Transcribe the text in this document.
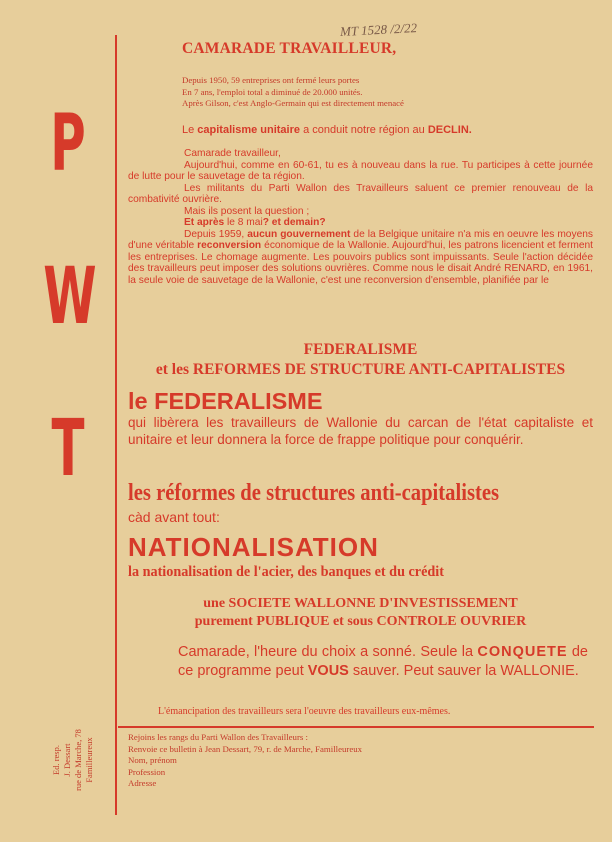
MT 1528 /2/22
P
W
T
Ed. resp. J. Dessart rue de Marche, 78 Familleureux
CAMARADE TRAVAILLEUR,
Depuis 1950, 59 entreprises ont fermé leurs portes
En 7 ans, l'emploi total a diminué de 20.000 unités.
Après Gilson, c'est Anglo-Germain qui est directement menacé
Le capitalisme unitaire a conduit notre région au DECLIN.

Camarade travailleur,

Aujourd'hui, comme en 60-61, tu es à nouveau dans la rue. Tu participes à cette journée de lutte pour le sauvetage de ta région.

Les militants du Parti Wallon des Travailleurs saluent ce premier renouveau de la combativité ouvrière.

Mais ils posent la question ;

Et après le 8 mai? et demain?

Depuis 1959, aucun gouvernement de la Belgique unitaire n'a mis en oeuvre les moyens d'une véritable reconversion économique de la Wallonie. Aujourd'hui, les patrons licencient et ferment les entreprises. Le chomage augmente. Les pouvoirs publics sont impuissants. Seule l'action décidée des travailleurs peut imposer des solutions ouvrières. Comme nous le disait André RENARD, en 1961, la seule voie de sauvetage de la Wallonie, c'est une reconversion d'ensemble, planifiée par le

FEDERALISME
et les REFORMES DE STRUCTURE ANTI-CAPITALISTES
le FEDERALISME
qui libèrera les travailleurs de Wallonie du carcan de l'état capitaliste et unitaire et leur donnera la force de frappe politique pour conquérir.
les réformes de structures anti-capitalistes
càd avant tout:
NATIONALISATION
la nationalisation de l'acier, des banques et du crédit
une SOCIETE WALLONNE D'INVESTISSEMENT
purement PUBLIQUE et sous CONTROLE OUVRIER

Camarade, l'heure du choix a sonné. Seule la CONQUETE de ce programme peut VOUS sauver. Peut sauver la WALLONIE.

L'émancipation des travailleurs sera l'oeuvre des travailleurs eux-mêmes.
Rejoins les rangs du Parti Wallon des Travailleurs :
Renvoie ce bulletin à Jean Dessart, 79, r. de Marche, Familleureux
Nom, prénom
Profession
Adresse
